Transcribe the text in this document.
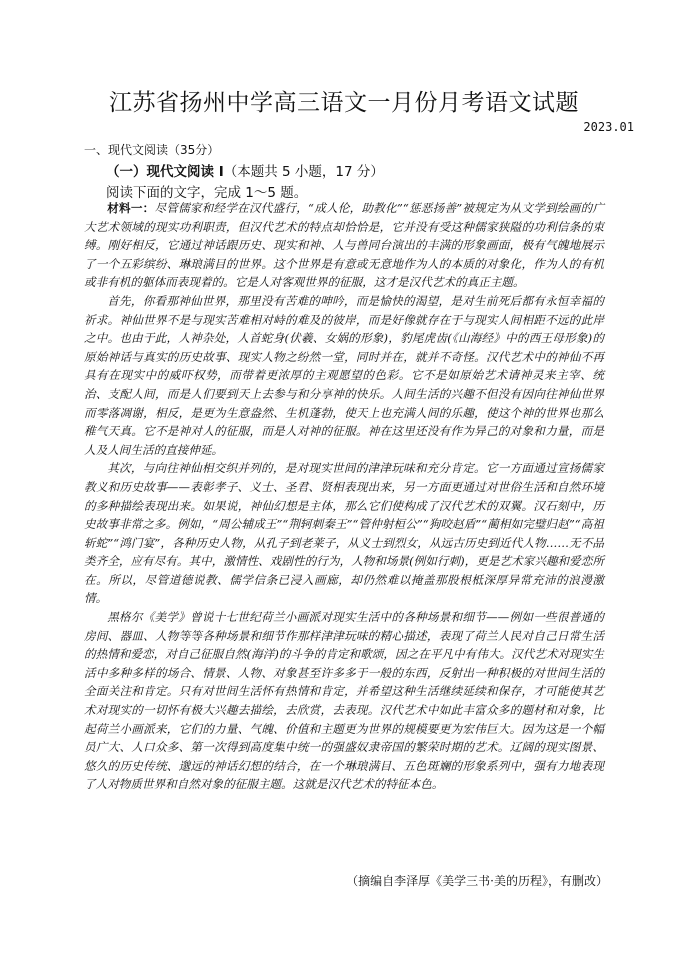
江苏省扬州中学高三语文一月份月考语文试题
2023.01
一、现代文阅读（35分）
（一）现代文阅读 I（本题共 5 小题，17 分）
阅读下面的文字，完成 1～5 题。

材料一：尽管儒家和经学在汉代盛行，“成人伦，助教化”“惩恶扬善”被规定为从文学到绘画的广大艺术领域的现实功利职责，但汉代艺术的特点却恰恰是，它并没有受这种儒家狭隘的功利信条的束缚。刚好相反，它通过神话跟历史、现实和神、人与兽同台演出的丰满的形象画面，极有气魄地展示了一个五彩缤纷、琳琅满目的世界。这个世界是有意或无意地作为人的本质的对象化，作为人的有机或非有机的躯体而表现着的。它是人对客观世界的征服，这才是汉代艺术的真正主题。

首先，你看那神仙世界，那里没有苦难的呻吟，而是愉快的渴望，是对生前死后都有永恒幸福的祈求。神仙世界不是与现实苦难相对峙的难及的彼岸，而是好像就存在于与现实人间相距不远的此岸之中。也由于此，人神杂处，人首蛇身(伏羲、女娲的形象)，豹尾虎齿(《山海经》中的西王母形象)的原始神话与真实的历史故事、现实人物之纷然一堂，同时并在，就并不奇怪。汉代艺术中的神仙不再具有在现实中的威吓权势，而带着更浓厚的主观愿望的色彩。它不是如原始艺术请神灵来主宰、统治、支配人间，而是人们要到天上去参与和分享神的快乐。人间生活的兴趣不但没有因向往神仙世界而零落凋谢，相反，是更为生意盎然、生机蓬勃，使天上也充满人间的乐趣，使这个神的世界也那么稚气天真。它不是神对人的征服，而是人对神的征服。神在这里还没有作为异己的对象和力量，而是人及人间生活的直接伸延。

其次，与向往神仙相交织并列的，是对现实世间的津津玩味和充分肯定。它一方面通过宣扬儒家教义和历史故事——表彰孝子、义士、圣君、贤相表现出来，另一方面更通过对世俗生活和自然环境的多种描绘表现出来。如果说，神仙幻想是主体，那么它们使构成了汉代艺术的双翼。汉石刻中，历史故事非常之多。例如，“周公辅成王”“荆轲刺秦王”“管仲射桓公”“狗咬赵盾”“蔺相如完璧归赵”“高祖斩蛇”“鸿门宴”，各种历史人物，从孔子到老莱子，从义士到烈女，从远古历史到近代人物……无不品类齐全，应有尽有。其中，激情性、戏剧性的行为，人物和场景(例如行刺)，更是艺术家兴趣和爱恋所在。所以，尽管道德说教、儒学信条已浸入画廊，却仍然难以掩盖那股根柢深厚异常充沛的浪漫激情。

黑格尔《美学》曾说十七世纪荷兰小画派对现实生活中的各种场景和细节——例如一些很普通的房间、器皿、人物等等各种场景和细节作那样津津玩味的精心描述，表现了荷兰人民对自己日常生活的热情和爱恋，对自己征服自然(海洋)的斗争的肯定和歌颂，因之在平凡中有伟大。汉代艺术对现实生活中多种多样的场合、情景、人物、对象甚至许多多于一般的东西，反射出一种积极的对世间生活的全面关注和肯定。只有对世间生活怀有热情和肯定，并希望这种生活继续延续和保存，才可能使其艺术对现实的一切怀有极大兴趣去描绘，去欣赏，去表现。汉代艺术中如此丰富众多的题材和对象，比起荷兰小画派来，它们的力量、气魄、价值和主题更为世界的规模要更为宏伟巨大。因为这是一个幅员广大、人口众多、第一次得到高度集中统一的强盛奴隶帝国的繁荣时期的艺术。辽阔的现实图景、悠久的历史传统、邈远的神话幻想的结合，在一个琳琅满目、五色斑斓的形象系列中，强有力地表现了人对物质世界和自然对象的征服主题。这就是汉代艺术的特征本色。

（摘编自李泽厚《美学三书·美的历程》，有删改）
